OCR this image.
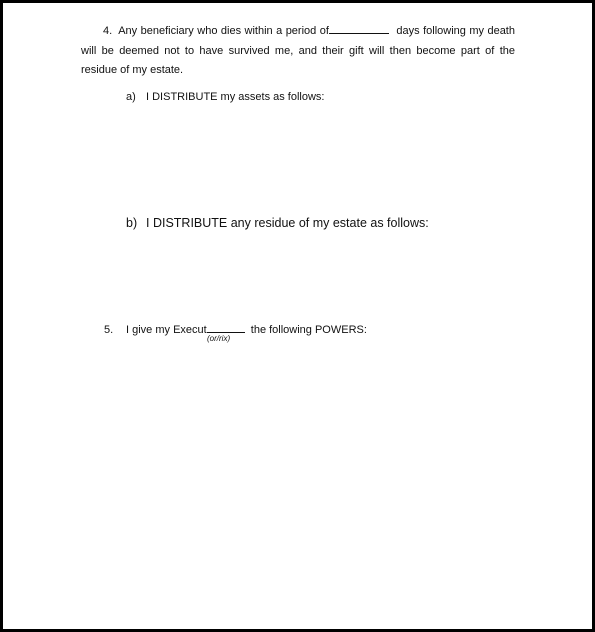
4. Any beneficiary who dies within a period of	days following my death will be deemed not to have survived me, and their gift will then become part of the residue of my estate.
a) I DISTRIBUTE my assets as follows:
b) I DISTRIBUTE any residue of my estate as follows:
5. I give my Execut	the following POWERS:
(or/rix)
